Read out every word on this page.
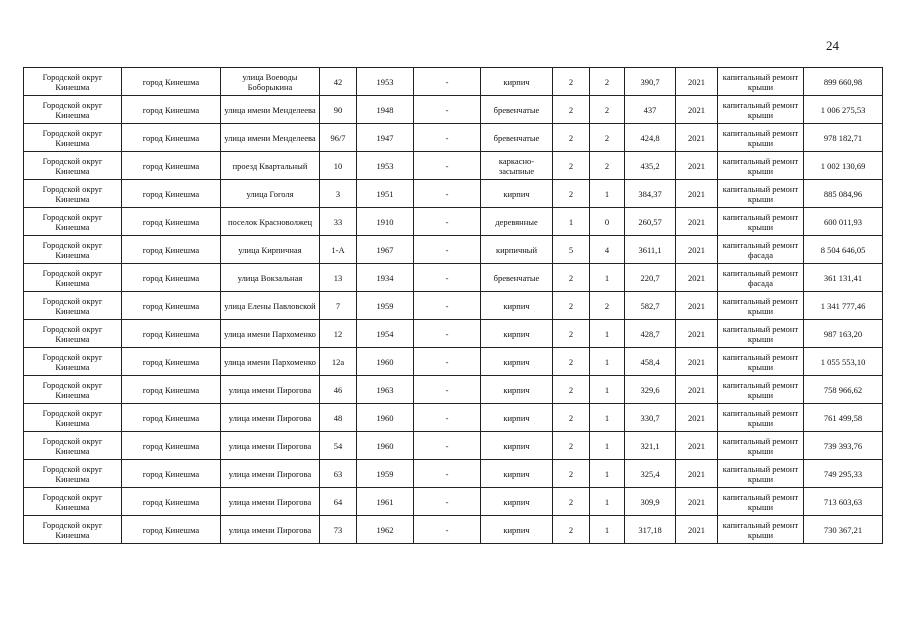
24
Городской округ Кинешма	город Кинешма	улица Воеводы Боборыкина	42	1953	-	кирпич	2	2	390,7	2021	капитальный ремонт крыши	899 660,98
Городской округ Кинешма	город Кинешма	улица имени Менделеева	90	1948	-	бревенчатые	2	2	437	2021	капитальный ремонт крыши	1 006 275,53
Городской округ Кинешма	город Кинешма	улица имени Менделеева	96/7	1947	-	бревенчатые	2	2	424,8	2021	капитальный ремонт крыши	978 182,71
Городской округ Кинешма	город Кинешма	проезд Квартальный	10	1953	-	каркасно-засыпные	2	2	435,2	2021	капитальный ремонт крыши	1 002 130,69
Городской округ Кинешма	город Кинешма	улица Гоголя	3	1951	-	кирпич	2	1	384,37	2021	капитальный ремонт крыши	885 084,96
Городской округ Кинешма	город Кинешма	поселок Красноволжец	33	1910	-	деревянные	1	0	260,57	2021	капитальный ремонт крыши	600 011,93
Городской округ Кинешма	город Кинешма	улица Кирпичная	1-А	1967	-	кирпичный	5	4	3611,1	2021	капитальный ремонт фасада	8 504 646,05
Городской округ Кинешма	город Кинешма	улица Вокзальная	13	1934	-	бревенчатые	2	1	220,7	2021	капитальный ремонт фасада	361 131,41
Городской округ Кинешма	город Кинешма	улица Елены Павловской	7	1959	-	кирпич	2	2	582,7	2021	капитальный ремонт крыши	1 341 777,46
Городской округ Кинешма	город Кинешма	улица имени Пархоменко	12	1954	-	кирпич	2	1	428,7	2021	капитальный ремонт крыши	987 163,20
Городской округ Кинешма	город Кинешма	улица имени Пархоменко	12а	1960	-	кирпич	2	1	458,4	2021	капитальный ремонт крыши	1 055 553,10
Городской округ Кинешма	город Кинешма	улица имени Пирогова	46	1963	-	кирпич	2	1	329,6	2021	капитальный ремонт крыши	758 966,62
Городской округ Кинешма	город Кинешма	улица имени Пирогова	48	1960	-	кирпич	2	1	330,7	2021	капитальный ремонт крыши	761 499,58
Городской округ Кинешма	город Кинешма	улица имени Пирогова	54	1960	-	кирпич	2	1	321,1	2021	капитальный ремонт крыши	739 393,76
Городской округ Кинешма	город Кинешма	улица имени Пирогова	63	1959	-	кирпич	2	1	325,4	2021	капитальный ремонт крыши	749 295,33
Городской округ Кинешма	город Кинешма	улица имени Пирогова	64	1961	-	кирпич	2	1	309,9	2021	капитальный ремонт крыши	713 603,63
Городской округ Кинешма	город Кинешма	улица имени Пирогова	73	1962	-	кирпич	2	1	317,18	2021	капитальный ремонт крыши	730 367,21
